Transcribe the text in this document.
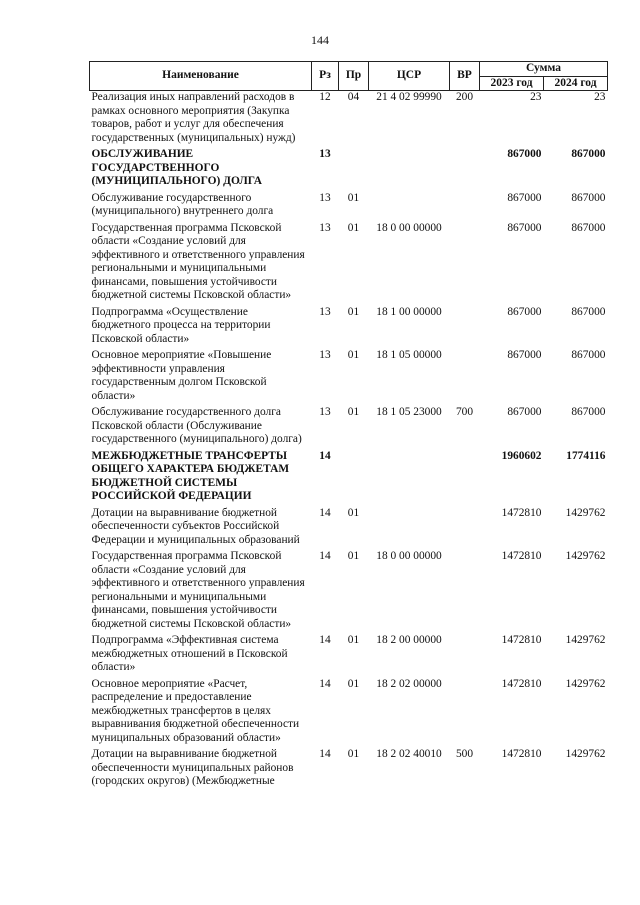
144
Наименование	Рз	Пр	ЦСР	ВР	Сумма	
					2023 год	2024 год
Реализация иных направлений расходов в рамках основного мероприятия (Закупка товаров, работ и услуг для обеспечения государственных (муниципальных) нужд)	12	04	21 4 02 99990	200	23	23
ОБСЛУЖИВАНИЕ ГОСУДАРСТВЕННОГО (МУНИЦИПАЛЬНОГО) ДОЛГА	13				867000	867000
Обслуживание государственного (муниципального) внутреннего долга	13	01			867000	867000
Государственная программа Псковской области «Создание условий для эффективного и ответственного управления региональными и муниципальными финансами, повышения устойчивости бюджетной системы Псковской области»	13	01	18 0 00 00000		867000	867000
Подпрограмма «Осуществление бюджетного процесса на территории Псковской области»	13	01	18 1 00 00000		867000	867000
Основное мероприятие «Повышение эффективности управления государственным долгом Псковской области»	13	01	18 1 05 00000		867000	867000
Обслуживание государственного долга Псковской области (Обслуживание государственного (муниципального) долга)	13	01	18 1 05 23000	700	867000	867000
МЕЖБЮДЖЕТНЫЕ ТРАНСФЕРТЫ ОБЩЕГО ХАРАКТЕРА БЮДЖЕТАМ БЮДЖЕТНОЙ СИСТЕМЫ РОССИЙСКОЙ ФЕДЕРАЦИИ	14				1960602	1774116
Дотации на выравнивание бюджетной обеспеченности субъектов Российской Федерации и муниципальных образований	14	01			1472810	1429762
Государственная программа Псковской области «Создание условий для эффективного и ответственного управления региональными и муниципальными финансами, повышения устойчивости бюджетной системы Псковской области»	14	01	18 0 00 00000		1472810	1429762
Подпрограмма «Эффективная система межбюджетных отношений в Псковской области»	14	01	18 2 00 00000		1472810	1429762
Основное мероприятие «Расчет, распределение и предоставление межбюджетных трансфертов в целях выравнивания бюджетной обеспеченности муниципальных образований области»	14	01	18 2 02 00000		1472810	1429762
Дотации на выравнивание бюджетной обеспеченности муниципальных районов (городских округов) (Межбюджетные	14	01	18 2 02 40010	500	1472810	1429762
